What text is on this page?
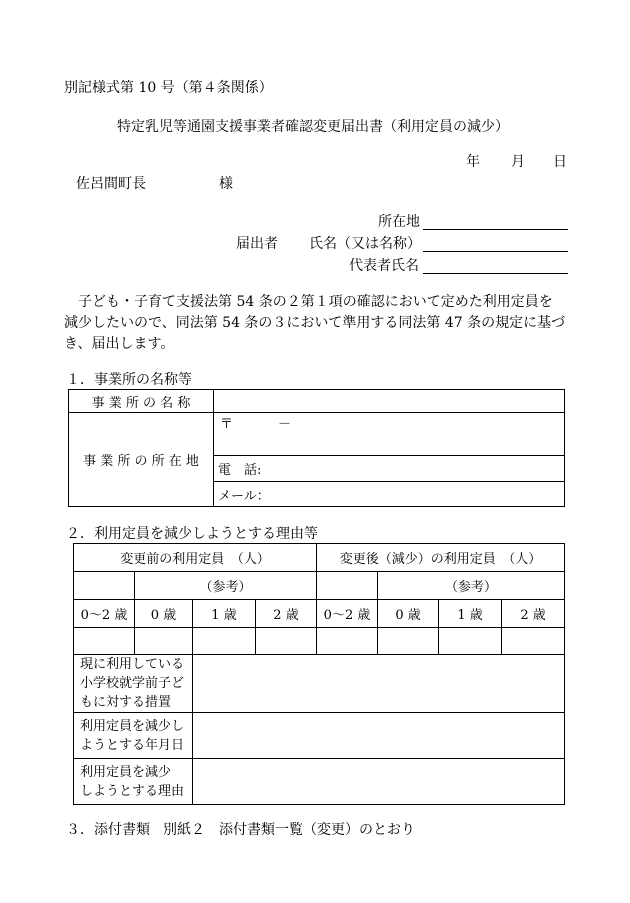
別記様式第 10 号（第４条関係）
特定乳児等通園支援事業者確認変更届出書（利用定員の減少）
年 月 日
佐呂間町長	様
所在地
届出者 氏名（又は名称）
代表者氏名
子ども・子育て支援法第 54 条の２第１項の確認において定めた利用定員を
減少したいので、同法第 54 条の３において準用する同法第 47 条の規定に基づ
き、届出します。
１．事業所の名称等
事 業 所 の 名 称	
事 業 所 の 所 在 地	〒 －

	電　話:
	メール：
２．利用定員を減少しようとする理由等
変更前の利用定員　（人）				変更後（減少）の利用定員　（人）			
	（参考）				（参考）		
0～2 歳	0 歳	1 歳	2 歳	0～2 歳	0 歳	1 歳	2 歳

現に利用している
小学校就学前子ど
もに対する措置							

利用定員を減少し
ようとする年月日							

利用定員を減少
しようとする理由							

３．添付書類 別紙２　添付書類一覧（変更）のとおり
